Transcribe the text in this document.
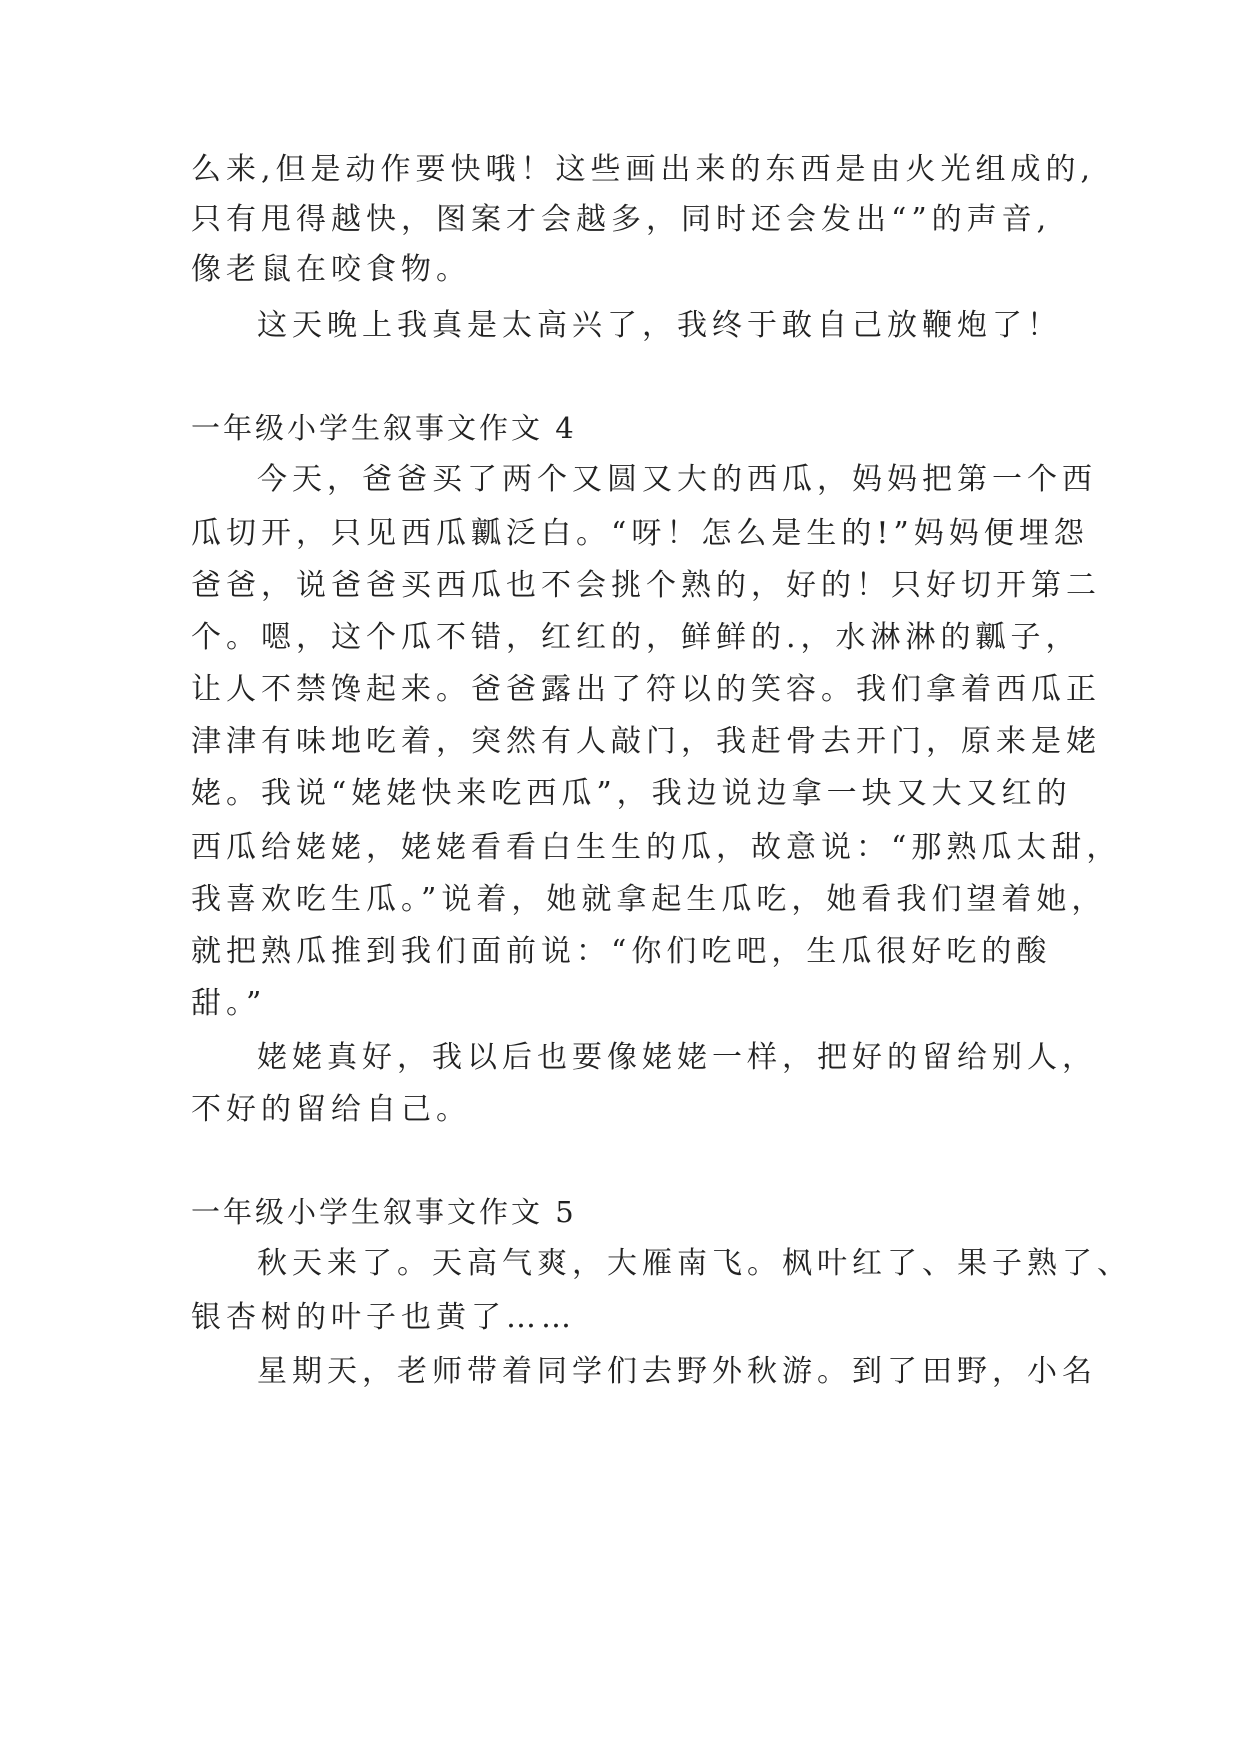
么来,但是动作要快哦！这些画出来的东西是由火光组成的,
只有甩得越快，图案才会越多，同时还会发出“”的声音,
像老鼠在咬食物。
这天晚上我真是太高兴了，我终于敢自己放鞭炮了！
一年级小学生叙事文作文 4
今天，爸爸买了两个又圆又大的西瓜，妈妈把第一个西
瓜切开，只见西瓜瓤泛白。“呀！怎么是生的!”妈妈便埋怨
爸爸，说爸爸买西瓜也不会挑个熟的，好的！只好切开第二
个。嗯，这个瓜不错，红红的，鲜鲜的.，水淋淋的瓤子，
让人不禁馋起来。爸爸露出了符以的笑容。我们拿着西瓜正
津津有味地吃着，突然有人敲门，我赶骨去开门，原来是姥
姥。我说“姥姥快来吃西瓜”，我边说边拿一块又大又红的
西瓜给姥姥，姥姥看看白生生的瓜，故意说：“那熟瓜太甜，
我喜欢吃生瓜。”说着，她就拿起生瓜吃，她看我们望着她，
就把熟瓜推到我们面前说：“你们吃吧，生瓜很好吃的酸
甜。”
姥姥真好，我以后也要像姥姥一样，把好的留给别人，
不好的留给自己。
一年级小学生叙事文作文 5
秋天来了。天高气爽，大雁南飞。枫叶红了、果子熟了、
银杏树的叶子也黄了……
星期天，老师带着同学们去野外秋游。到了田野，小名
